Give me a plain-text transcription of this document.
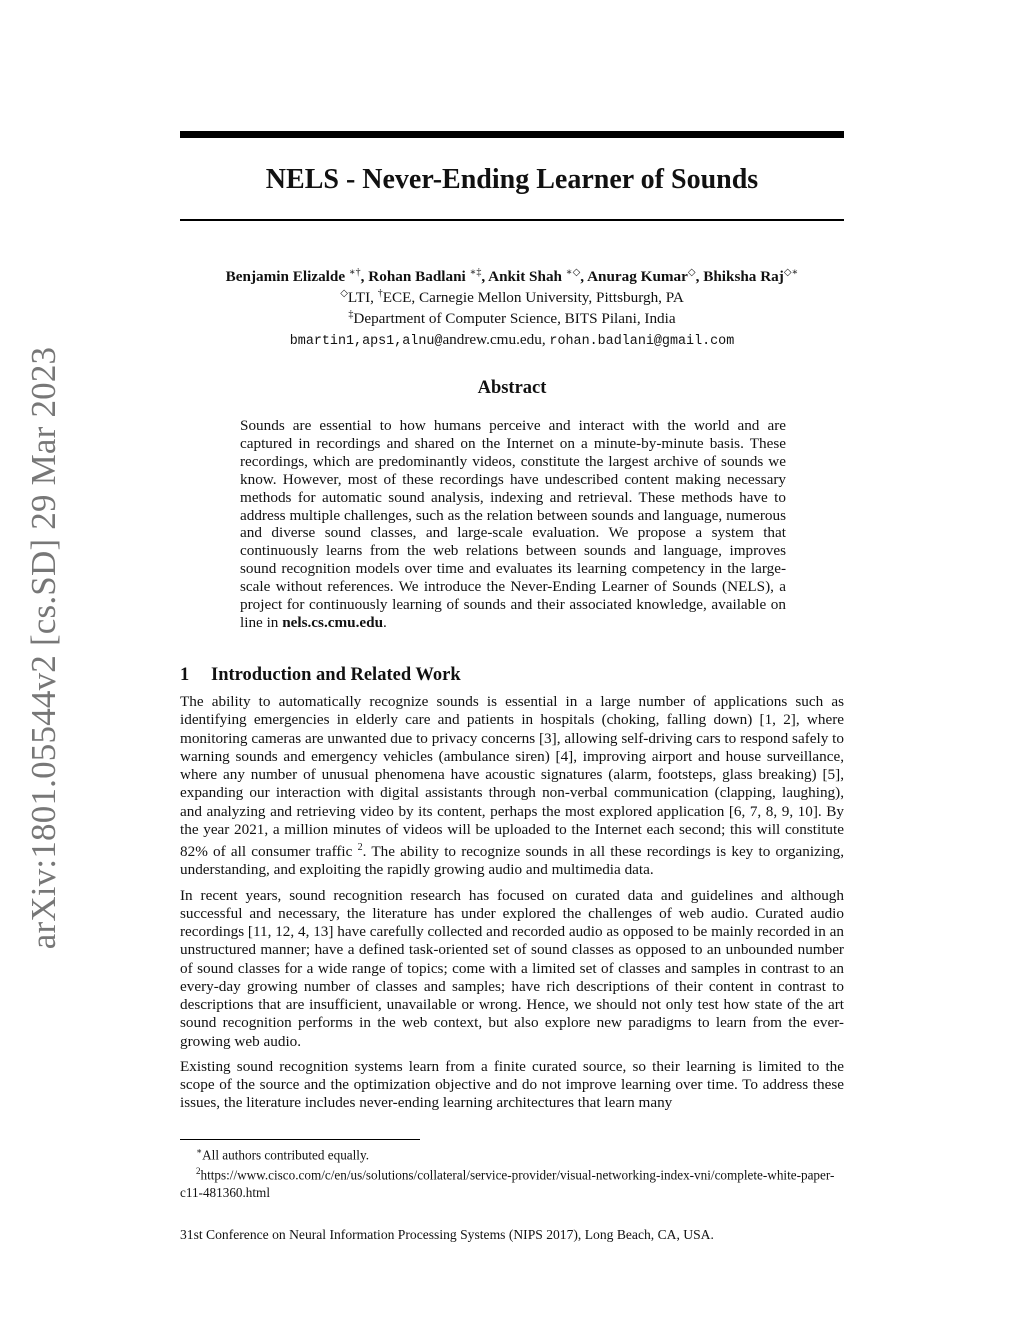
arXiv:1801.05544v2 [cs.SD] 29 Mar 2023
NELS - Never-Ending Learner of Sounds
Benjamin Elizalde ∗†, Rohan Badlani ∗‡, Ankit Shah ∗◇, Anurag Kumar◇, Bhiksha Raj◇∗
◇LTI, †ECE, Carnegie Mellon University, Pittsburgh, PA
‡Department of Computer Science, BITS Pilani, India
bmartin1,aps1,alnu@andrew.cmu.edu, rohan.badlani@gmail.com
Abstract

Sounds are essential to how humans perceive and interact with the world and are captured in recordings and shared on the Internet on a minute-by-minute basis. These recordings, which are predominantly videos, constitute the largest archive of sounds we know. However, most of these recordings have undescribed content making necessary methods for automatic sound analysis, indexing and retrieval. These methods have to address multiple challenges, such as the relation between sounds and language, numerous and diverse sound classes, and large-scale evaluation. We propose a system that continuously learns from the web relations between sounds and language, improves sound recognition models over time and evaluates its learning competency in the large-scale without references. We introduce the Never-Ending Learner of Sounds (NELS), a project for continuously learning of sounds and their associated knowledge, available on line in nels.cs.cmu.edu.

1 Introduction and Related Work

The ability to automatically recognize sounds is essential in a large number of applications such as identifying emergencies in elderly care and patients in hospitals (choking, falling down) [1, 2], where monitoring cameras are unwanted due to privacy concerns [3], allowing self-driving cars to respond safely to warning sounds and emergency vehicles (ambulance siren) [4], improving airport and house surveillance, where any number of unusual phenomena have acoustic signatures (alarm, footsteps, glass breaking) [5], expanding our interaction with digital assistants through non-verbal communication (clapping, laughing), and analyzing and retrieving video by its content, perhaps the most explored application [6, 7, 8, 9, 10]. By the year 2021, a million minutes of videos will be uploaded to the Internet each second; this will constitute 82% of all consumer traffic $^2$. The ability to recognize sounds in all these recordings is key to organizing, understanding, and exploiting the rapidly growing audio and multimedia data.

In recent years, sound recognition research has focused on curated data and guidelines and although successful and necessary, the literature has under explored the challenges of web audio. Curated audio recordings [11, 12, 4, 13] have carefully collected and recorded audio as opposed to be mainly recorded in an unstructured manner; have a defined task-oriented set of sound classes as opposed to an unbounded number of sound classes for a wide range of topics; come with a limited set of classes and samples in contrast to an every-day growing number of classes and samples; have rich descriptions of their content in contrast to descriptions that are insufficient, unavailable or wrong. Hence, we should not only test how state of the art sound recognition performs in the web context, but also explore new paradigms to learn from the ever-growing web audio.

Existing sound recognition systems learn from a finite curated source, so their learning is limited to the scope of the source and the optimization objective and do not improve learning over time. To address these issues, the literature includes never-ending learning architectures that learn many

∗All authors contributed equally.
$^2$https://www.cisco.com/c/en/us/solutions/collateral/service-provider/visual-networking-index-vni/complete-white-paper-c11-481360.html
31st Conference on Neural Information Processing Systems (NIPS 2017), Long Beach, CA, USA.
